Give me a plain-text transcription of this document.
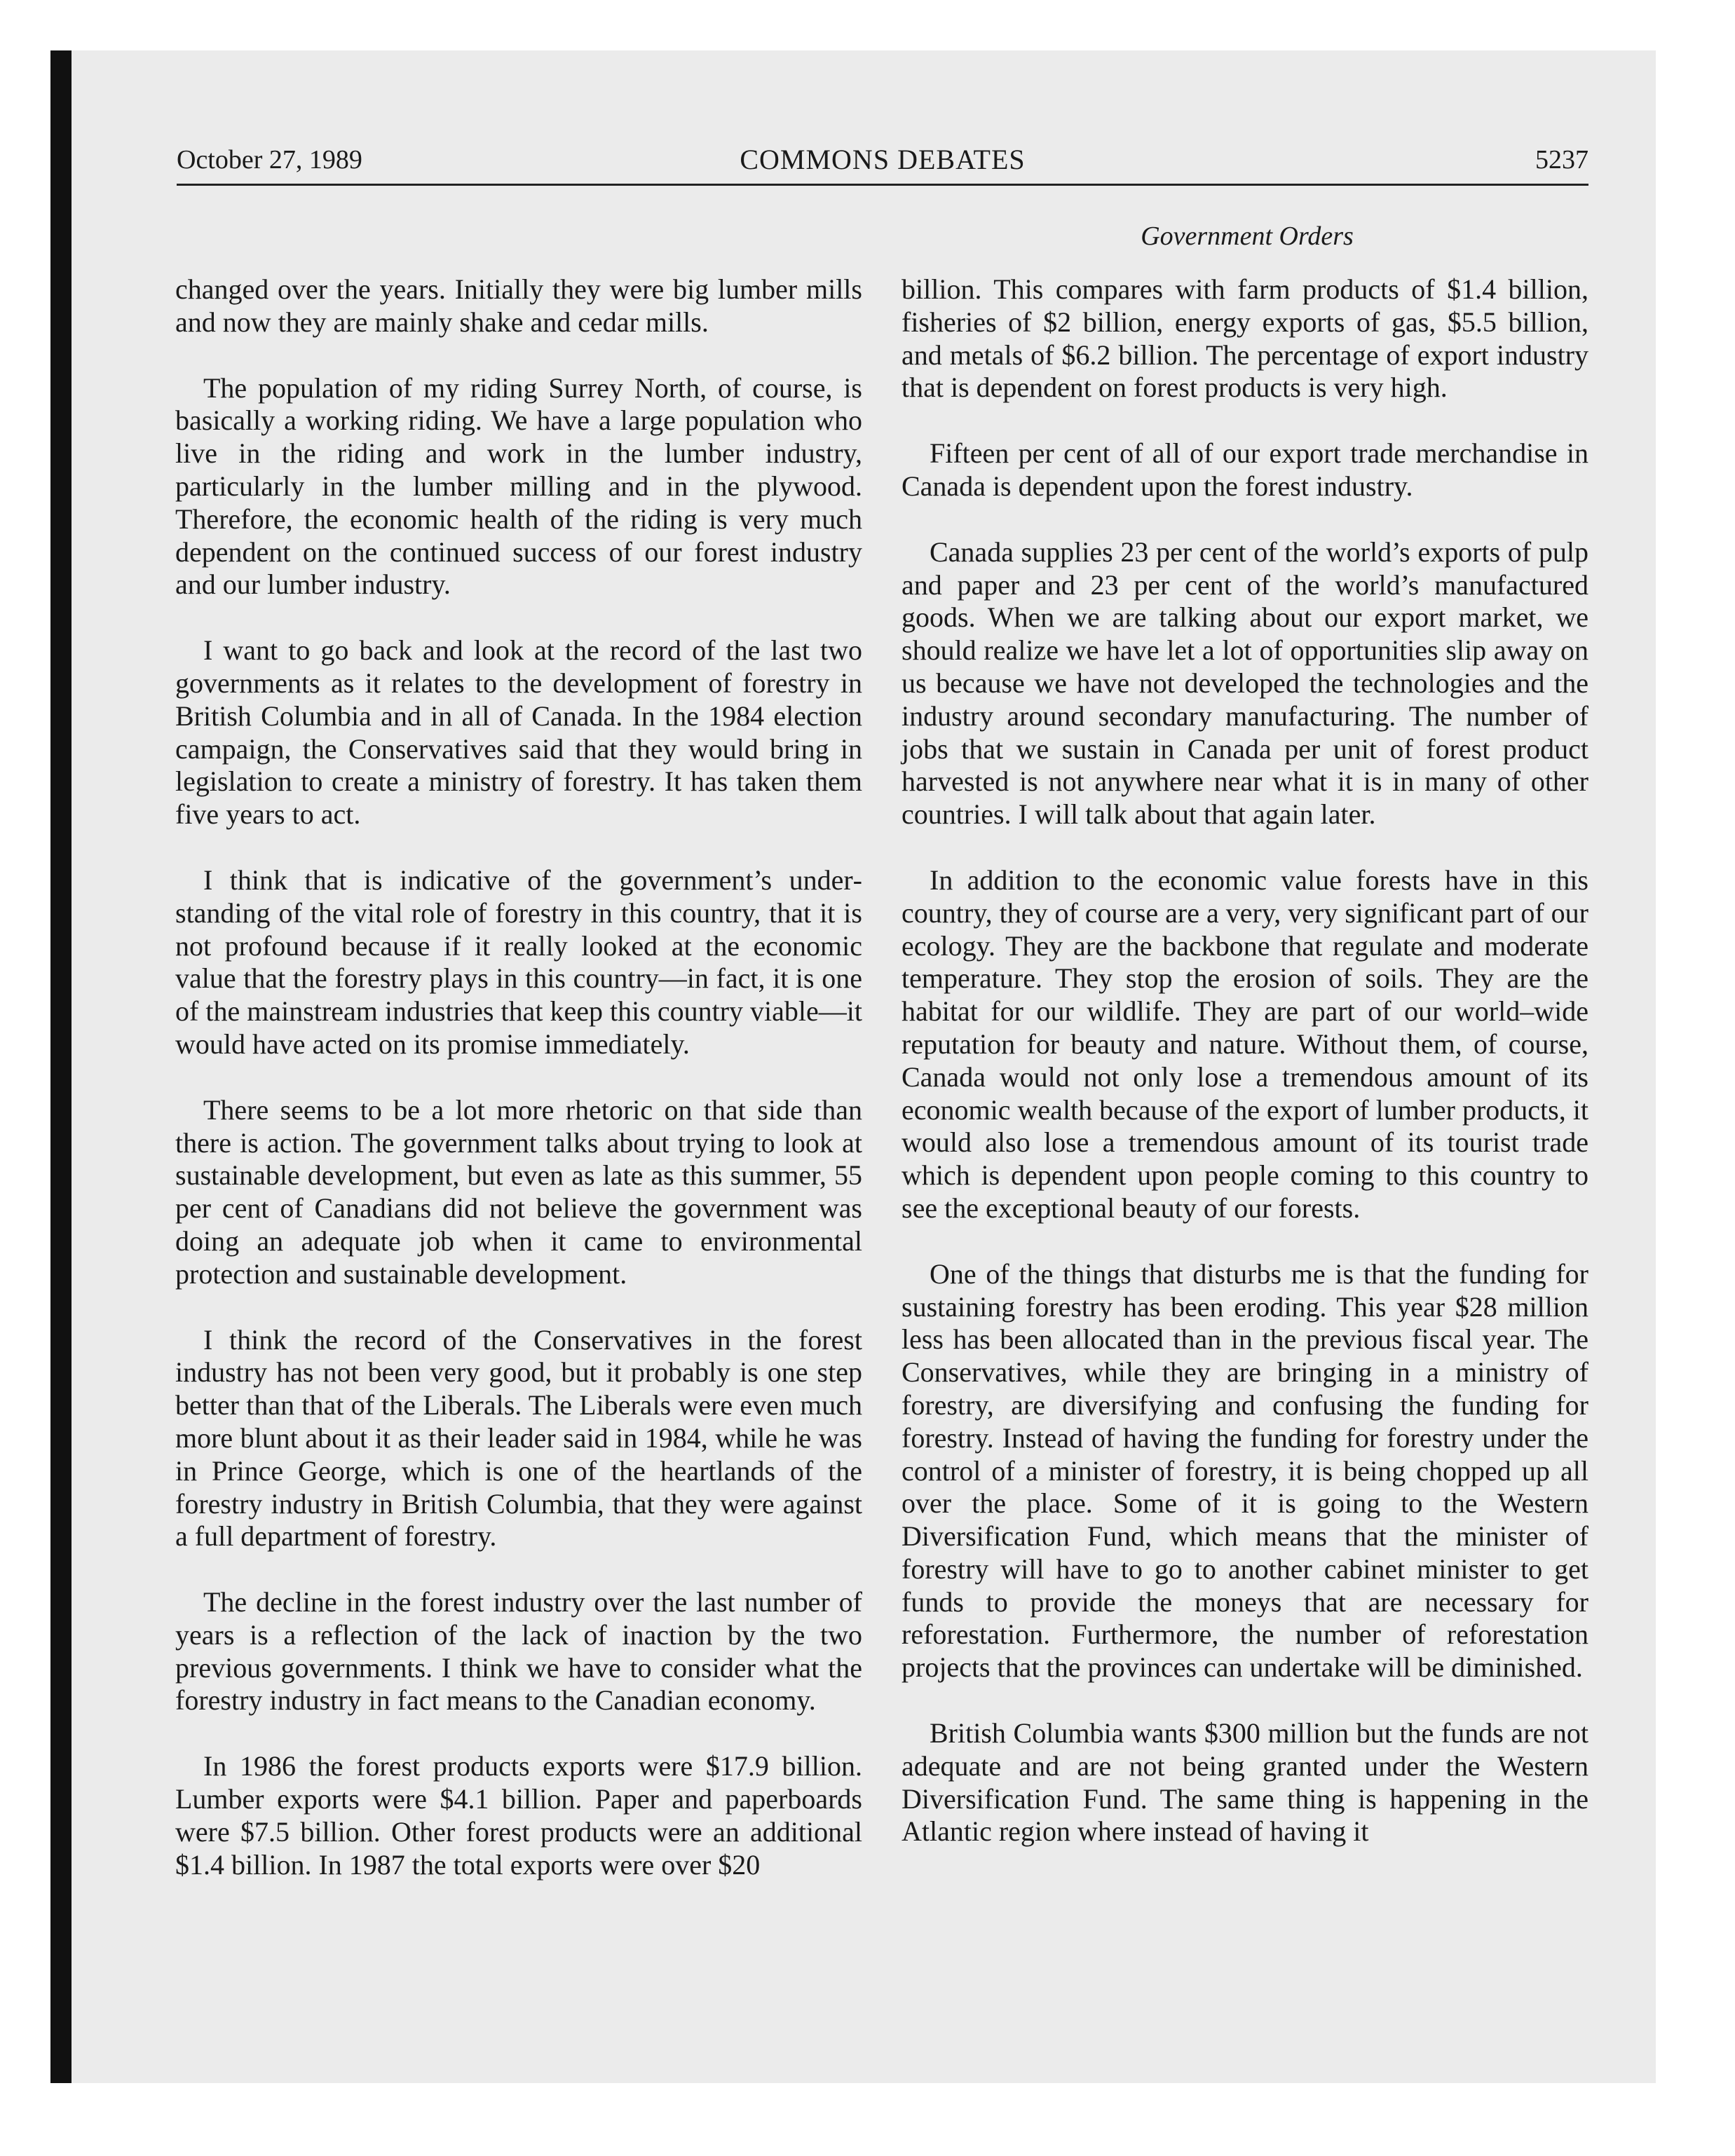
October 27, 1989	COMMONS DEBATES	5237
Government Orders

changed over the years. Initially they were big lumber mills and now they are mainly shake and cedar mills.

The population of my riding Surrey North, of course, is basically a working riding. We have a large population who live in the riding and work in the lumber industry, particularly in the lumber milling and in the plywood. Therefore, the economic health of the riding is very much dependent on the continued success of our forest industry and our lumber industry.

I want to go back and look at the record of the last two governments as it relates to the development of forestry in British Columbia and in all of Canada. In the 1984 election campaign, the Conservatives said that they would bring in legislation to create a ministry of forestry. It has taken them five years to act.

I think that is indicative of the government’s understanding of the vital role of forestry in this country, that it is not profound because if it really looked at the economic value that the forestry plays in this country—in fact, it is one of the mainstream industries that keep this country viable—it would have acted on its promise immediately.

There seems to be a lot more rhetoric on that side than there is action. The government talks about trying to look at sustainable development, but even as late as this summer, 55 per cent of Canadians did not believe the government was doing an adequate job when it came to environmental protection and sustainable development.

I think the record of the Conservatives in the forest industry has not been very good, but it probably is one step better than that of the Liberals. The Liberals were even much more blunt about it as their leader said in 1984, while he was in Prince George, which is one of the heartlands of the forestry industry in British Columbia, that they were against a full department of forestry.

The decline in the forest industry over the last number of years is a reflection of the lack of inaction by the two previous governments. I think we have to consider what the forestry industry in fact means to the Canadian economy.

In 1986 the forest products exports were $17.9 billion. Lumber exports were $4.1 billion. Paper and paperboards were $7.5 billion. Other forest products were an additional $1.4 billion. In 1987 the total exports were over $20

billion. This compares with farm products of $1.4 billion, fisheries of $2 billion, energy exports of gas, $5.5 billion, and metals of $6.2 billion. The percentage of export industry that is dependent on forest products is very high.

Fifteen per cent of all of our export trade merchandise in Canada is dependent upon the forest industry.

Canada supplies 23 per cent of the world’s exports of pulp and paper and 23 per cent of the world’s manufactured goods. When we are talking about our export market, we should realize we have let a lot of opportunities slip away on us because we have not developed the technologies and the industry around secondary manufacturing. The number of jobs that we sustain in Canada per unit of forest product harvested is not anywhere near what it is in many of other countries. I will talk about that again later.

In addition to the economic value forests have in this country, they of course are a very, very significant part of our ecology. They are the backbone that regulate and moderate temperature. They stop the erosion of soils. They are the habitat for our wildlife. They are part of our world–wide reputation for beauty and nature. Without them, of course, Canada would not only lose a tremendous amount of its economic wealth because of the export of lumber products, it would also lose a tremendous amount of its tourist trade which is dependent upon people coming to this country to see the exceptional beauty of our forests.

One of the things that disturbs me is that the funding for sustaining forestry has been eroding. This year $28 million less has been allocated than in the previous fiscal year. The Conservatives, while they are bringing in a ministry of forestry, are diversifying and confusing the funding for forestry. Instead of having the funding for forestry under the control of a minister of forestry, it is being chopped up all over the place. Some of it is going to the Western Diversification Fund, which means that the minister of forestry will have to go to another cabinet minister to get funds to provide the moneys that are necessary for reforestation. Furthermore, the number of reforestation projects that the provinces can undertake will be diminished.

British Columbia wants $300 million but the funds are not adequate and are not being granted under the Western Diversification Fund. The same thing is happening in the Atlantic region where instead of having it
